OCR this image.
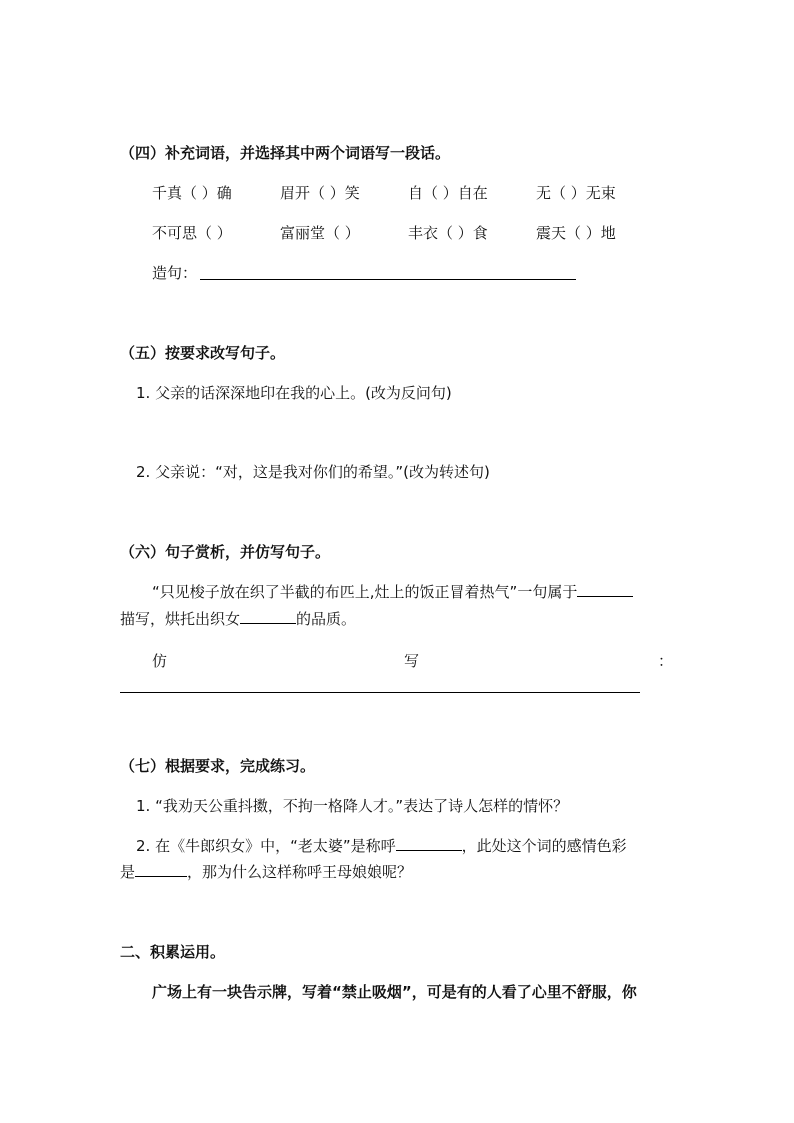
（四）补充词语，并选择其中两个词语写一段话。
千真（ ）确	眉开（ ）笑	自（ ）自在	无（ ）无束
不可思（ ）	富丽堂（ ）	丰衣（ ）食	震天（ ）地
造句：
（五）按要求改写句子。
1. 父亲的话深深地印在我的心上。(改为反问句)
2. 父亲说：“对，这是我对你们的希望。”(改为转述句)
（六）句子赏析，并仿写句子。
“只见梭子放在织了半截的布匹上,灶上的饭正冒着热气”一句属于
描写，烘托出织女	的品质。
仿	写	：
（七）根据要求，完成练习。
1. “我劝天公重抖擞，不拘一格降人才。”表达了诗人怎样的情怀？
2. 在《牛郎织女》中，“老太婆”是称呼	，此处这个词的感情色彩
是	，那为什么这样称呼王母娘娘呢？
二、积累运用。
广场上有一块告示牌，写着“禁止吸烟”，可是有的人看了心里不舒服，你
